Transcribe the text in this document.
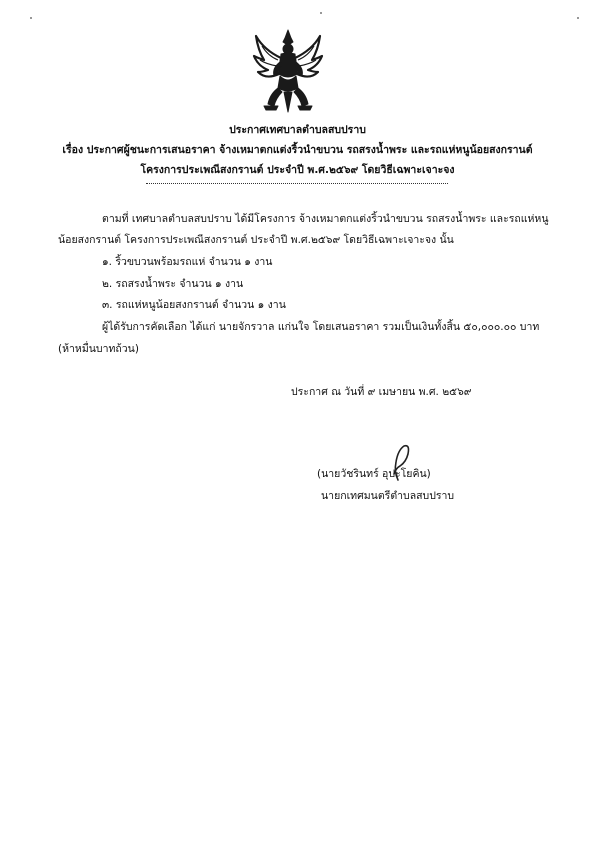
ประกาศเทศบาลตำบลสบปราบ
เรื่อง ประกาศผู้ชนะการเสนอราคา จ้างเหมาตกแต่งริ้วนำขบวน รถสรงน้ำพระ และรถแห่หนูน้อยสงกรานต์
โครงการประเพณีสงกรานต์ ประจำปี พ.ศ.๒๕๖๙ โดยวิธีเฉพาะเจาะจง
ตามที่ เทศบาลตำบลสบปราบ ได้มีโครงการ จ้างเหมาตกแต่งริ้วนำขบวน รถสรงน้ำพระ และรถแห่หนู
น้อยสงกรานต์ โครงการประเพณีสงกรานต์ ประจำปี พ.ศ.๒๕๖๙ โดยวิธีเฉพาะเจาะจง นั้น
๑. ริ้วขบวนพร้อมรถแห่ จำนวน ๑ งาน
๒. รถสรงน้ำพระ จำนวน ๑ งาน
๓. รถแห่หนูน้อยสงกรานต์ จำนวน ๑ งาน
ผู้ได้รับการคัดเลือก ได้แก่ นายจักรวาล แก่นใจ โดยเสนอราคา รวมเป็นเงินทั้งสิ้น ๕๐,๐๐๐.๐๐ บาท
(ห้าหมื่นบาทถ้วน)
ประกาศ ณ วันที่ ๙ เมษายน พ.ศ. ๒๕๖๙
(นายวัชรินทร์ อุปะโยคิน)
นายกเทศมนตรีตำบลสบปราบ
